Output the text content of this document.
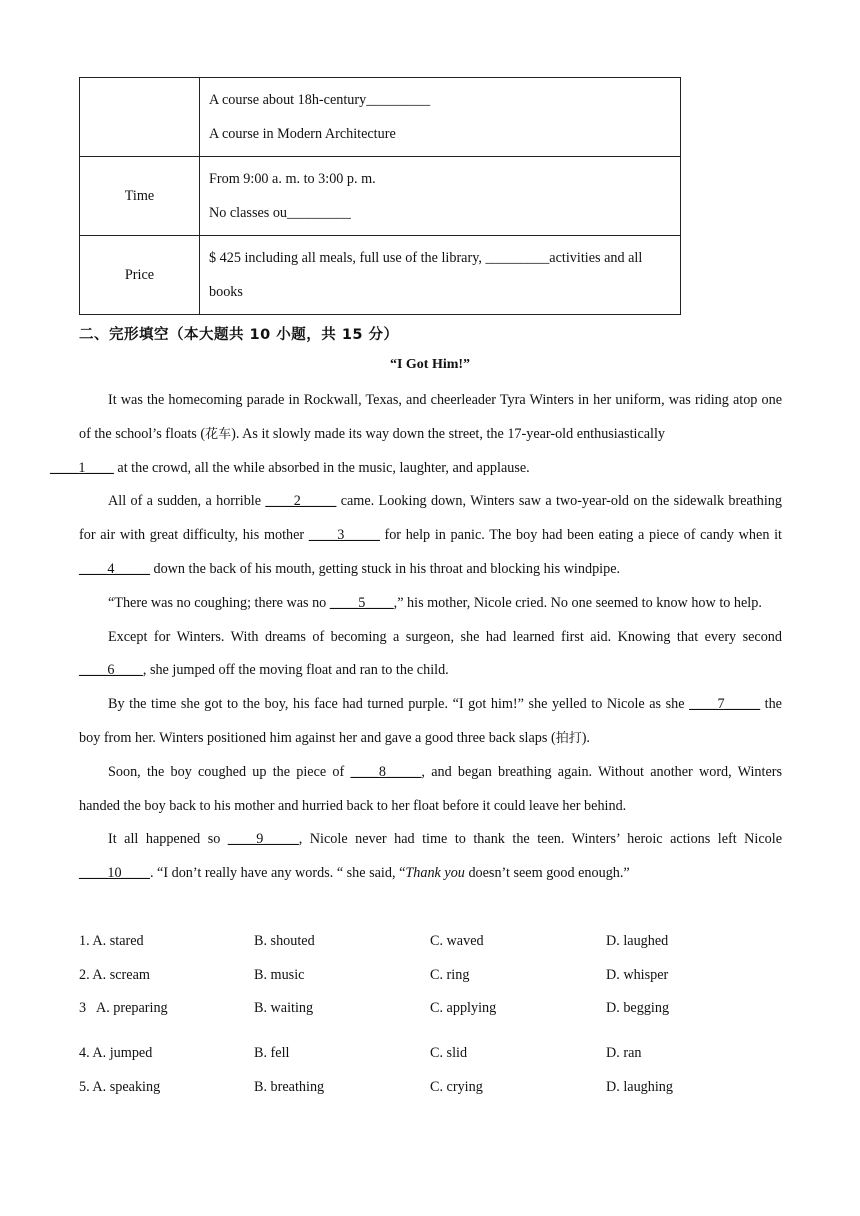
	A course about 18h-century_________
A course in Modern Architecture

Time	From 9:00 a. m. to 3:00 p. m.
No classes ou_________

Price	$ 425 including all meals, full use of the library, _________activities and all
books
二、完形填空（本大题共 10 小题，共 15 分）
“I Got Him!”

It was the homecoming parade in Rockwall, Texas, and cheerleader Tyra Winters in her uniform, was riding atop one of the school’s floats (花车). As it slowly made its way down the street, the 17-year-old enthusiastically
____1____ at the crowd, all the while absorbed in the music, laughter, and applause.

All of a sudden, a horrible ____2_____ came. Looking down, Winters saw a two-year-old on the sidewalk breathing for air with great difficulty, his mother ____3_____ for help in panic. The boy had been eating a piece of candy when it ____4_____ down the back of his mouth, getting stuck in his throat and blocking his windpipe.

“There was no coughing; there was no ____5____,” his mother, Nicole cried. No one seemed to know how to help.

Except for Winters. With dreams of becoming a surgeon, she had learned first aid. Knowing that every second ____6____, she jumped off the moving float and ran to the child.

By the time she got to the boy, his face had turned purple. “I got him!” she yelled to Nicole as she ____7_____ the boy from her. Winters positioned him against her and gave a good three back slaps (拍打).

Soon, the boy coughed up the piece of ____8_____, and began breathing again. Without another word, Winters handed the boy back to his mother and hurried back to her float before it could leave her behind.

It all happened so ____9_____, Nicole never had time to thank the teen. Winters’ heroic actions left Nicole ____10____. “I don’t really have any words. “ she said, “Thank you doesn’t seem good enough.”

1. A. stared	B. shouted	C. waved	D. laughed
2. A. scream	B. music	C. ring	D. whisper
3   A. preparing	B. waiting	C. applying	D. begging
4. A. jumped	B. fell	C. slid	D. ran
5. A. speaking	B. breathing	C. crying	D. laughing
